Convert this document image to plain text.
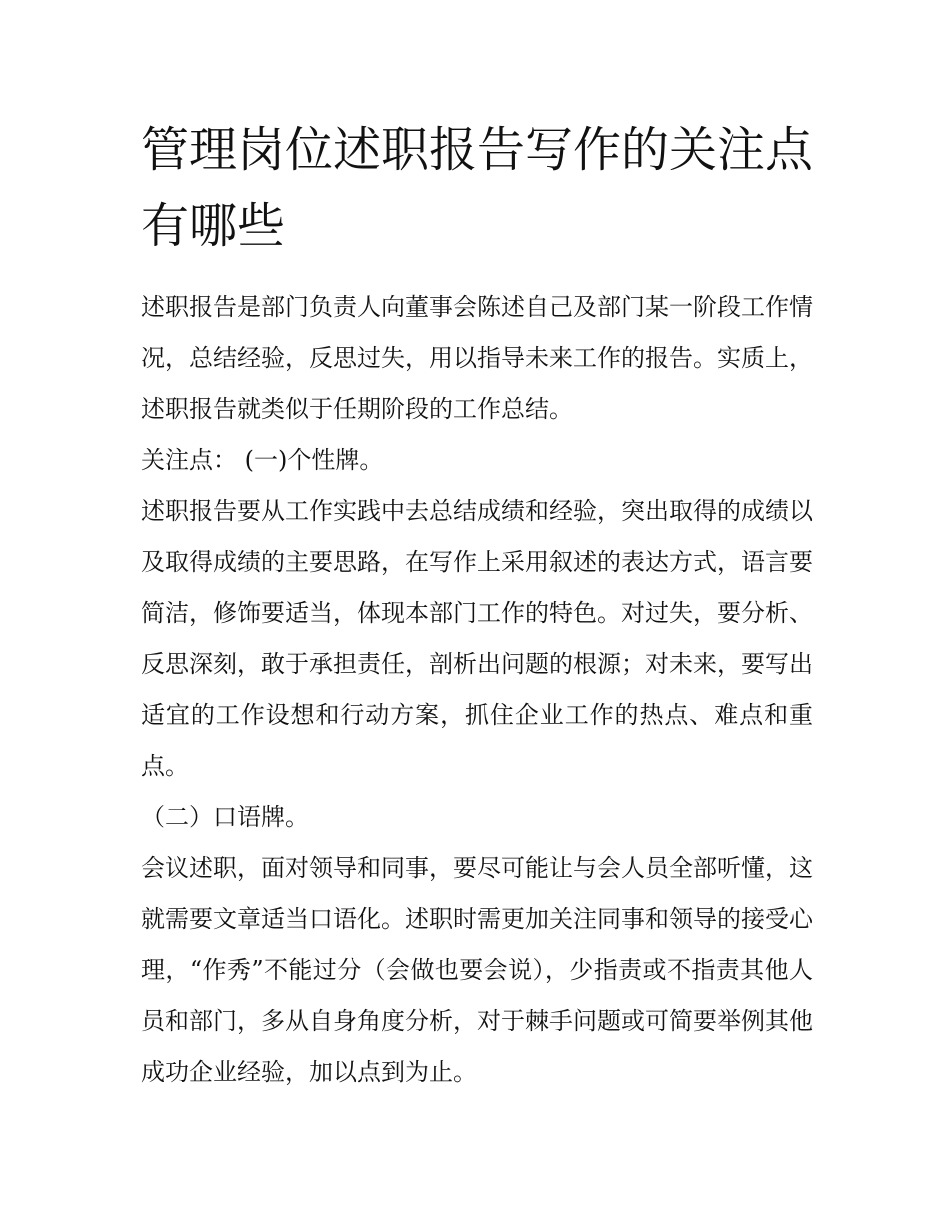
管理岗位述职报告写作的关注点有哪些

述职报告是部门负责人向董事会陈述自己及部门某一阶段工作情况，总结经验，反思过失，用以指导未来工作的报告。实质上，述职报告就类似于任期阶段的工作总结。

关注点： (一)个性牌。

述职报告要从工作实践中去总结成绩和经验，突出取得的成绩以及取得成绩的主要思路，在写作上采用叙述的表达方式，语言要简洁，修饰要适当，体现本部门工作的特色。对过失，要分析、反思深刻，敢于承担责任，剖析出问题的根源；对未来，要写出适宜的工作设想和行动方案，抓住企业工作的热点、难点和重点。

（二）口语牌。

会议述职，面对领导和同事，要尽可能让与会人员全部听懂，这就需要文章适当口语化。述职时需更加关注同事和领导的接受心理，“作秀”不能过分（会做也要会说），少指责或不指责其他人员和部门，多从自身角度分析，对于棘手问题或可简要举例其他成功企业经验，加以点到为止。
